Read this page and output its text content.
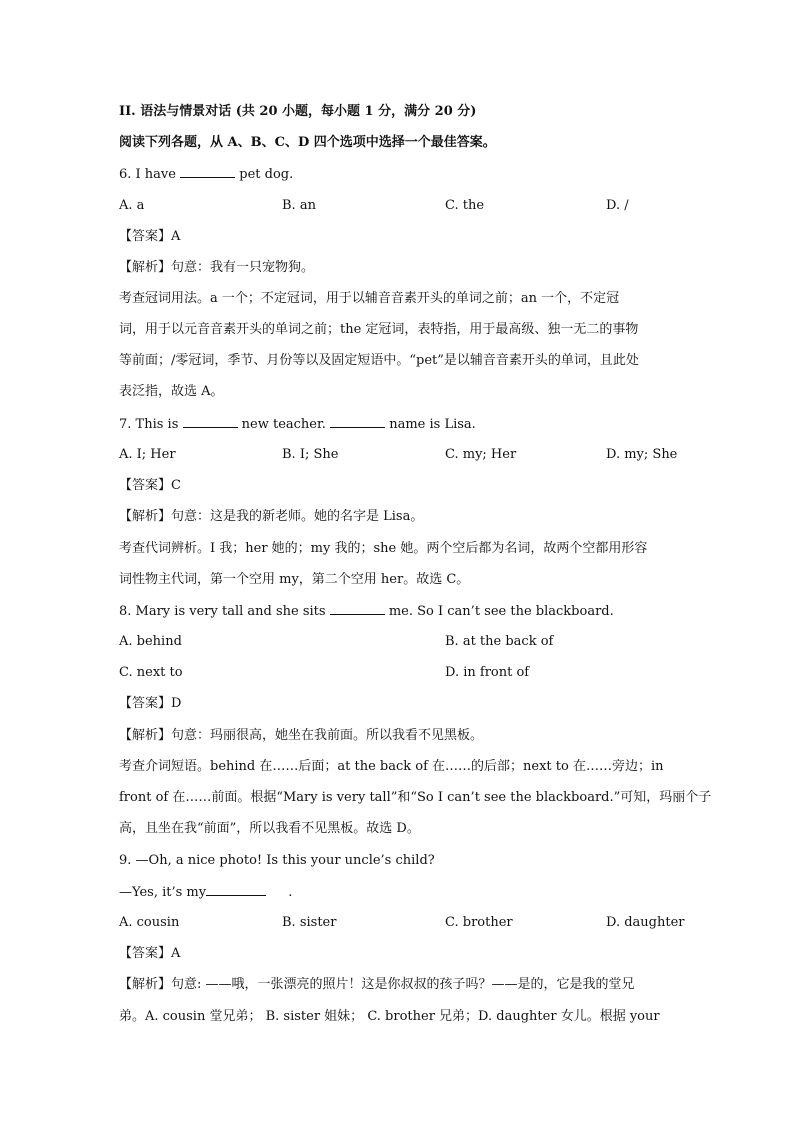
II. 语法与情景对话 (共 20 小题，每小题 1 分，满分 20 分)
阅读下列各题，从 A、B、C、D 四个选项中选择一个最佳答案。
6. I have	pet dog.
A. a	B. an	C. the	D. /
【答案】A
【解析】句意：我有一只宠物狗。
考查冠词用法。a 一个；不定冠词，用于以辅音音素开头的单词之前；an 一个，不定冠
词，用于以元音音素开头的单词之前；the 定冠词，表特指，用于最高级、独一无二的事物
等前面；/零冠词，季节、月份等以及固定短语中。“pet”是以辅音音素开头的单词，且此处
表泛指，故选 A。
7. This is	new teacher.	name is Lisa.
A. I; Her	B. I; She	C. my; Her	D. my; She
【答案】C
【解析】句意：这是我的新老师。她的名字是 Lisa。
考查代词辨析。I 我；her 她的；my 我的；she 她。两个空后都为名词，故两个空都用形容
词性物主代词，第一个空用 my，第二个空用 her。故选 C。
8. Mary is very tall and she sits	me. So I can’t see the blackboard.
A. behind	B. at the back of
C. next to	D. in front of
【答案】D
【解析】句意：玛丽很高，她坐在我前面。所以我看不见黑板。
考查介词短语。behind 在……后面；at the back of 在……的后部；next to 在……旁边；in
front of 在……前面。根据“Mary is very tall”和“So I can’t see the blackboard.”可知，玛丽个子
高，且坐在我“前面”，所以我看不见黑板。故选 D。
9. —Oh, a nice photo! Is this your uncle’s child?
—Yes, it’s my	.
A. cousin	B. sister	C. brother	D. daughter
【答案】A
【解析】句意: ——哦，一张漂亮的照片！这是你叔叔的孩子吗？——是的，它是我的堂兄
弟。A. cousin 堂兄弟； B. sister 姐妹； C. brother 兄弟；D. daughter 女儿。根据 your
